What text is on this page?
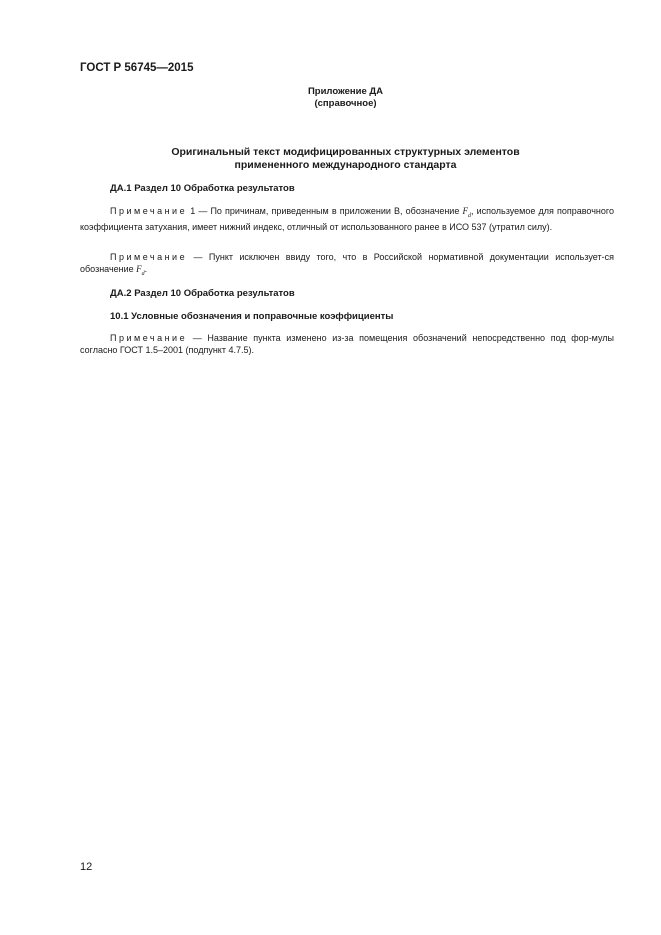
ГОСТ Р 56745—2015
Приложение ДА
(справочное)
Оригинальный текст модифицированных структурных элементов
примененного международного стандарта
ДА.1 Раздел 10 Обработка результатов
Примечание 1 — По причинам, приведенным в приложении В, обозначение $F_d$, используемое для поправочного коэффициента затухания, имеет нижний индекс, отличный от использованного ранее в ИСО 537 (утратил силу).
Примечание — Пункт исключен ввиду того, что в Российской нормативной документации использует-ся обозначение $F_d$.
ДА.2 Раздел 10 Обработка результатов
10.1 Условные обозначения и поправочные коэффициенты
Примечание — Название пункта изменено из-за помещения обозначений непосредственно под фор-мулы согласно ГОСТ 1.5–2001 (подпункт 4.7.5).
12
